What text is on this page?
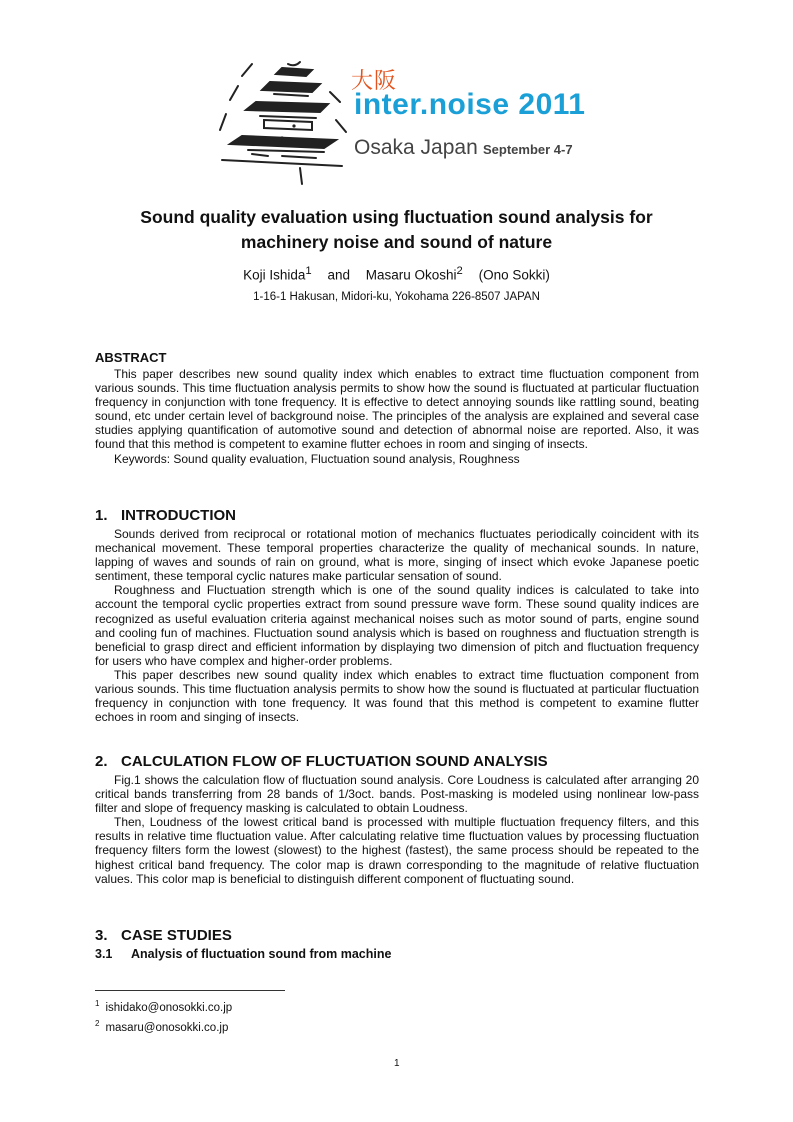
大阪
inter.noise 2011
Osaka Japan September 4-7
Sound quality evaluation using fluctuation sound analysis for
machinery noise and sound of nature
Koji Ishida$^1$ and Masaru Okoshi$^2$ (Ono Sokki)
1-16-1 Hakusan, Midori-ku, Yokohama 226-8507 JAPAN
ABSTRACT

This paper describes new sound quality index which enables to extract time fluctuation component from various sounds. This time fluctuation analysis permits to show how the sound is fluctuated at particular fluctuation frequency in conjunction with tone frequency. It is effective to detect annoying sounds like rattling sound, beating sound, etc under certain level of background noise. The principles of the analysis are explained and several case studies applying quantification of automotive sound and detection of abnormal noise are reported. Also, it was found that this method is competent to examine flutter echoes in room and singing of insects.

Keywords: Sound quality evaluation, Fluctuation sound analysis, Roughness
1. INTRODUCTION

Sounds derived from reciprocal or rotational motion of mechanics fluctuates periodically coincident with its mechanical movement. These temporal properties characterize the quality of mechanical sounds. In nature, lapping of waves and sounds of rain on ground, what is more, singing of insect which evoke Japanese poetic sentiment, these temporal cyclic natures make particular sensation of sound.

Roughness and Fluctuation strength which is one of the sound quality indices is calculated to take into account the temporal cyclic properties extract from sound pressure wave form. These sound quality indices are recognized as useful evaluation criteria against mechanical noises such as motor sound of parts, engine sound and cooling fun of machines. Fluctuation sound analysis which is based on roughness and fluctuation strength is beneficial to grasp direct and efficient information by displaying two dimension of pitch and fluctuation frequency for users who have complex and higher-order problems.

This paper describes new sound quality index which enables to extract time fluctuation component from various sounds. This time fluctuation analysis permits to show how the sound is fluctuated at particular fluctuation frequency in conjunction with tone frequency. It was found that this method is competent to examine flutter echoes in room and singing of insects.

2. CALCULATION FLOW OF FLUCTUATION SOUND ANALYSIS

Fig.1 shows the calculation flow of fluctuation sound analysis. Core Loudness is calculated after arranging 20 critical bands transferring from 28 bands of 1/3oct. bands. Post-masking is modeled using nonlinear low-pass filter and slope of frequency masking is calculated to obtain Loudness.

Then, Loudness of the lowest critical band is processed with multiple fluctuation frequency filters, and this results in relative time fluctuation value. After calculating relative time fluctuation values by processing fluctuation frequency filters form the lowest (slowest) to the highest (fastest), the same process should be repeated to the highest critical band frequency. The color map is drawn corresponding to the magnitude of relative fluctuation values. This color map is beneficial to distinguish different component of fluctuating sound.

3. CASE STUDIES
3.1 Analysis of fluctuation sound from machine
$^1$ ishidako@onosokki.co.jp
$^2$ masaru@onosokki.co.jp
1
